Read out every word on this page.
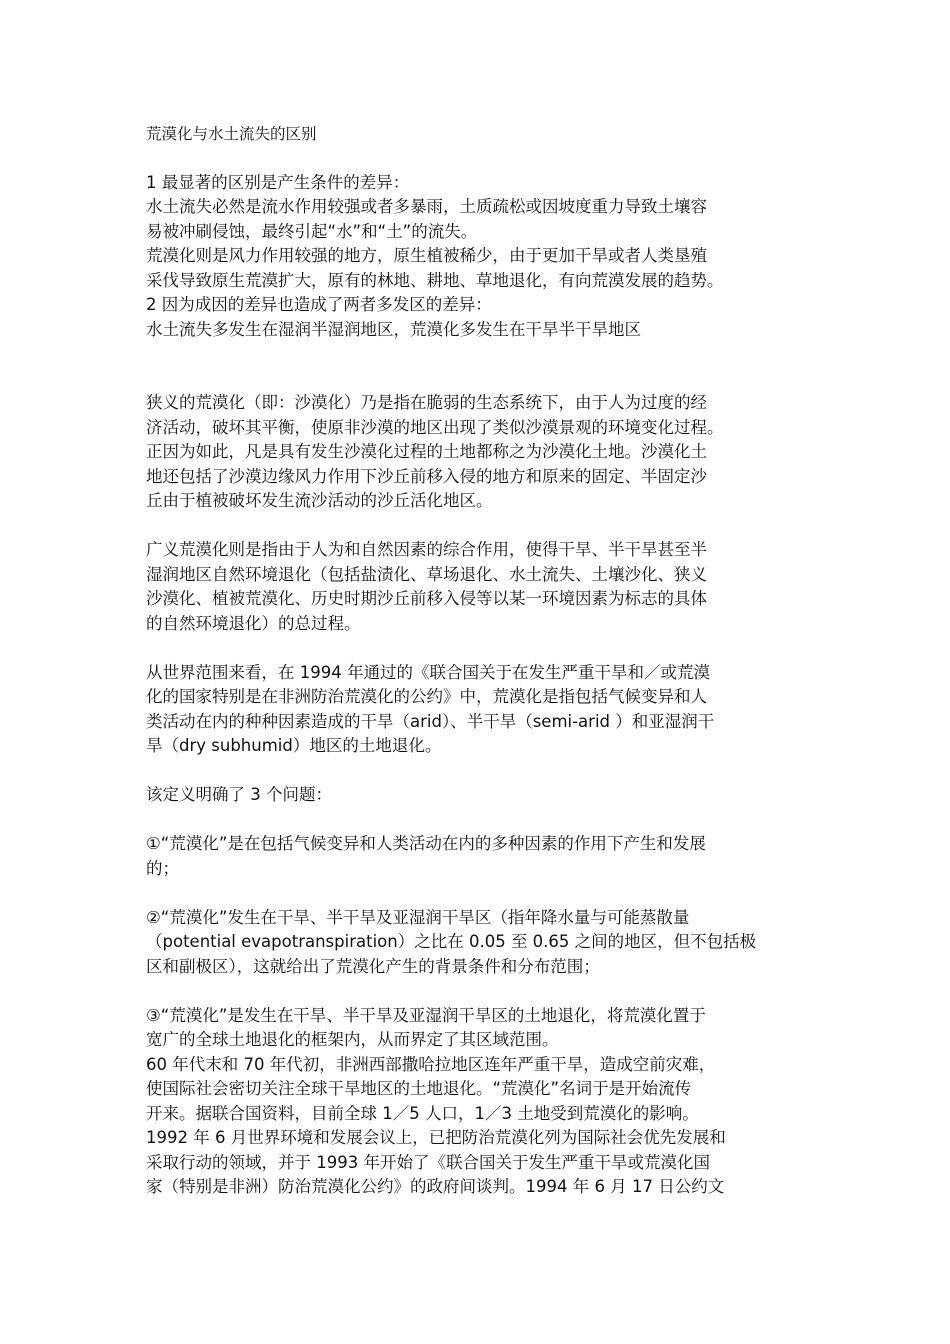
荒漠化与水土流失的区别
1 最显著的区别是产生条件的差异：
水土流失必然是流水作用较强或者多暴雨，土质疏松或因坡度重力导致土壤容
易被冲刷侵蚀，最终引起“水”和“土”的流失。
荒漠化则是风力作用较强的地方，原生植被稀少，由于更加干旱或者人类垦殖
采伐导致原生荒漠扩大，原有的林地、耕地、草地退化，有向荒漠发展的趋势。
2 因为成因的差异也造成了两者多发区的差异：
水土流失多发生在湿润半湿润地区，荒漠化多发生在干旱半干旱地区
狭义的荒漠化（即：沙漠化）乃是指在脆弱的生态系统下，由于人为过度的经
济活动，破坏其平衡，使原非沙漠的地区出现了类似沙漠景观的环境变化过程。
正因为如此，凡是具有发生沙漠化过程的土地都称之为沙漠化土地。沙漠化土
地还包括了沙漠边缘风力作用下沙丘前移入侵的地方和原来的固定、半固定沙
丘由于植被破坏发生流沙活动的沙丘活化地区。
广义荒漠化则是指由于人为和自然因素的综合作用，使得干旱、半干旱甚至半
湿润地区自然环境退化（包括盐渍化、草场退化、水土流失、土壤沙化、狭义
沙漠化、植被荒漠化、历史时期沙丘前移入侵等以某一环境因素为标志的具体
的自然环境退化）的总过程。
从世界范围来看，在 1994 年通过的《联合国关于在发生严重干旱和／或荒漠
化的国家特别是在非洲防治荒漠化的公约》中，荒漠化是指包括气候变异和人
类活动在内的种种因素造成的干旱（arid）、半干旱（semi-arid ）和亚湿润干
旱（dry subhumid）地区的土地退化。
该定义明确了 3 个问题：
①“荒漠化”是在包括气候变异和人类活动在内的多种因素的作用下产生和发展
的；
②“荒漠化”发生在干旱、半干旱及亚湿润干旱区（指年降水量与可能蒸散量
（potential evapotranspiration）之比在 0.05 至 0.65 之间的地区，但不包括极
区和副极区），这就给出了荒漠化产生的背景条件和分布范围；
③“荒漠化”是发生在干旱、半干旱及亚湿润干旱区的土地退化，将荒漠化置于
宽广的全球土地退化的框架内，从而界定了其区域范围。
60 年代末和 70 年代初，非洲西部撒哈拉地区连年严重干旱，造成空前灾难，
使国际社会密切关注全球干旱地区的土地退化。“荒漠化”名词于是开始流传
开来。据联合国资料，目前全球 1／5 人口，1／3 土地受到荒漠化的影响。
1992 年 6 月世界环境和发展会议上，已把防治荒漠化列为国际社会优先发展和
采取行动的领域，并于 1993 年开始了《联合国关于发生严重干旱或荒漠化国
家（特别是非洲）防治荒漠化公约》的政府间谈判。1994 年 6 月 17 日公约文
